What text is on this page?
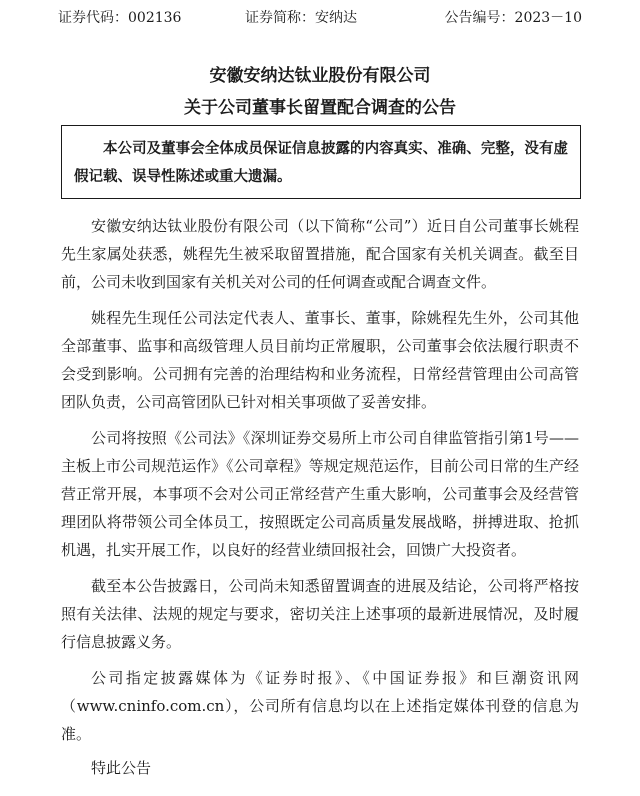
证券代码：002136	证券简称：安纳达	公告编号：2023－10
安徽安纳达钛业股份有限公司
关于公司董事长留置配合调查的公告
本公司及董事会全体成员保证信息披露的内容真实、准确、完整，没有虚假记载、误导性陈述或重大遗漏。

安徽安纳达钛业股份有限公司（以下简称“公司”）近日自公司董事长姚程先生家属处获悉，姚程先生被采取留置措施，配合国家有关机关调查。截至目前，公司未收到国家有关机关对公司的任何调查或配合调查文件。

姚程先生现任公司法定代表人、董事长、董事，除姚程先生外，公司其他全部董事、监事和高级管理人员目前均正常履职，公司董事会依法履行职责不会受到影响。公司拥有完善的治理结构和业务流程，日常经营管理由公司高管团队负责，公司高管团队已针对相关事项做了妥善安排。

公司将按照《公司法》《深圳证券交易所上市公司自律监管指引第1号——主板上市公司规范运作》《公司章程》等规定规范运作，目前公司日常的生产经营正常开展，本事项不会对公司正常经营产生重大影响，公司董事会及经营管理团队将带领公司全体员工，按照既定公司高质量发展战略，拼搏进取、抢抓机遇，扎实开展工作，以良好的经营业绩回报社会，回馈广大投资者。

截至本公告披露日，公司尚未知悉留置调查的进展及结论，公司将严格按照有关法律、法规的规定与要求，密切关注上述事项的最新进展情况，及时履行信息披露义务。

公司指定披露媒体为《证券时报》、《中国证券报》和巨潮资讯网（www.cninfo.com.cn），公司所有信息均以在上述指定媒体刊登的信息为准。

特此公告
